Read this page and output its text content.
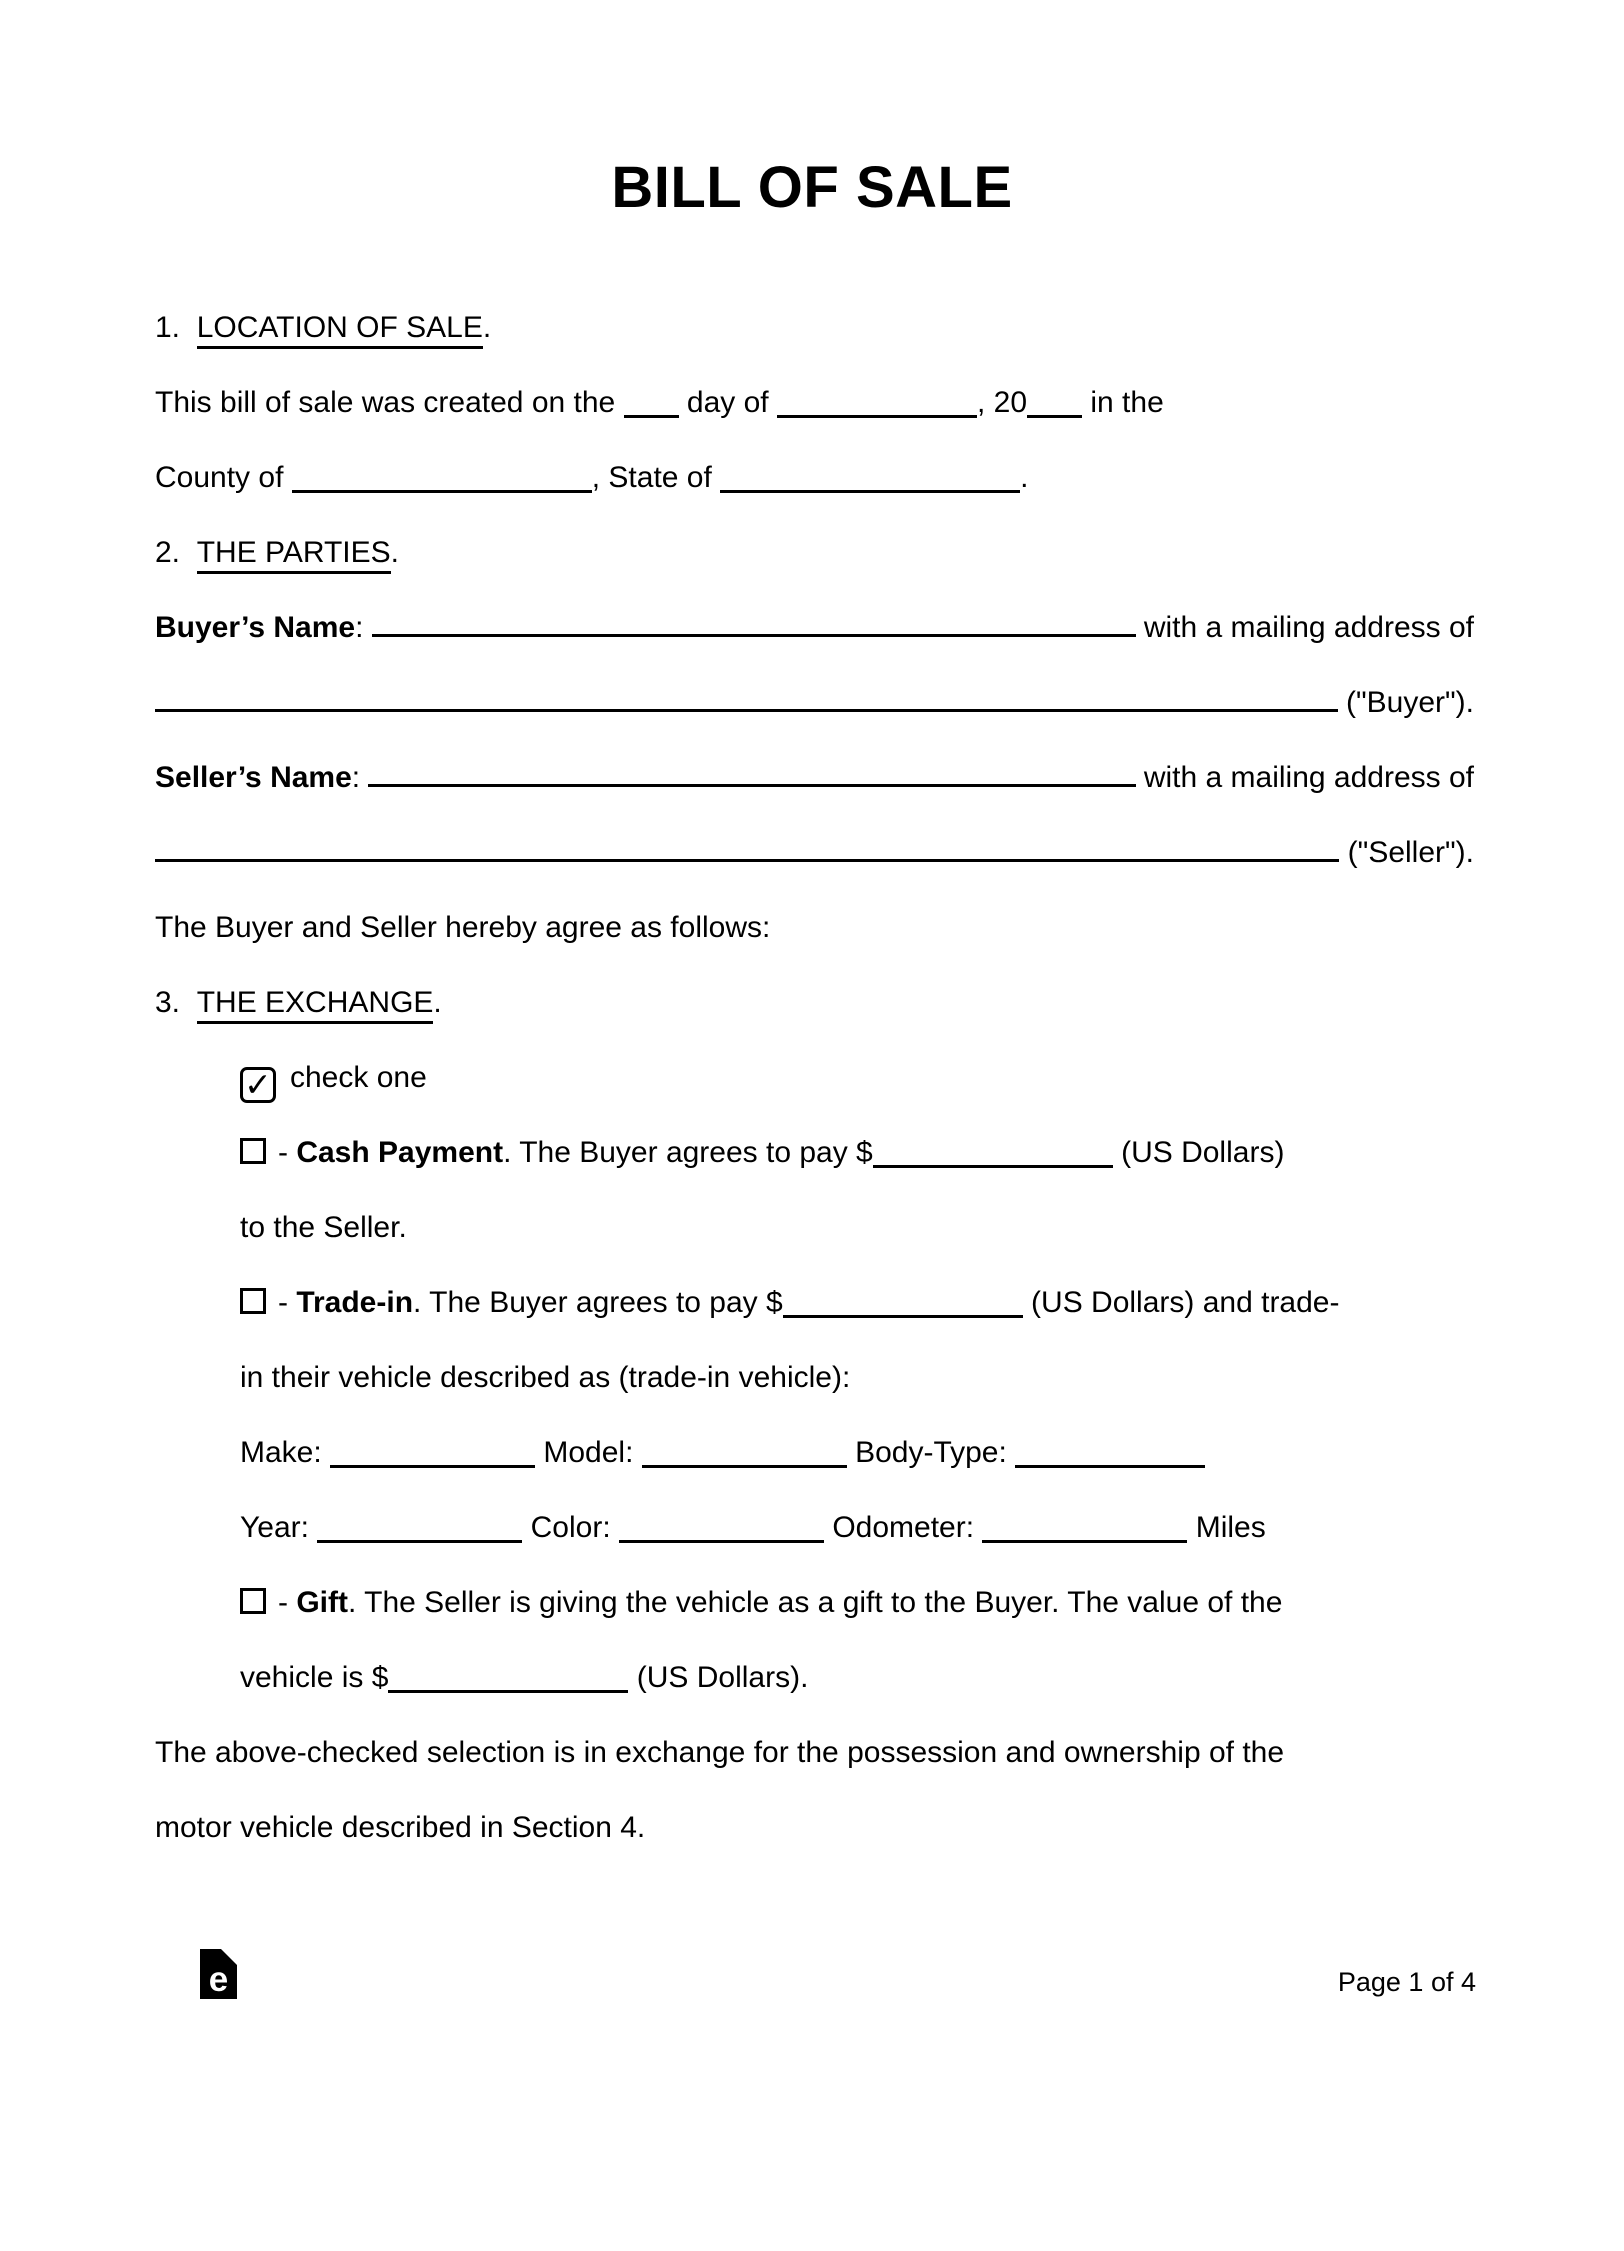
BILL OF SALE
1.  LOCATION OF SALE.
This bill of sale was created on the  day of	, 20 in the
County of	, State of	.
2.  THE PARTIES.
Buyer’s Name :	with a mailing address of
("Buyer").
Seller’s Name :	with a mailing address of
("Seller").
The Buyer and Seller hereby agree as follows:
3.  THE EXCHANGE.
✓ check one
- Cash Payment. The Buyer agrees to pay $	(US Dollars)
to the Seller.
- Trade-in. The Buyer agrees to pay $	(US Dollars) and trade-
in their vehicle described as (trade-in vehicle):
Make:	Model:	Body-Type:
Year:	Color:	Odometer:	Miles
- Gift. The Seller is giving the vehicle as a gift to the Buyer. The value of the
vehicle is $	(US Dollars).
The above-checked selection is in exchange for the possession and ownership of the
motor vehicle described in Section 4.
e	Page 1 of 4
